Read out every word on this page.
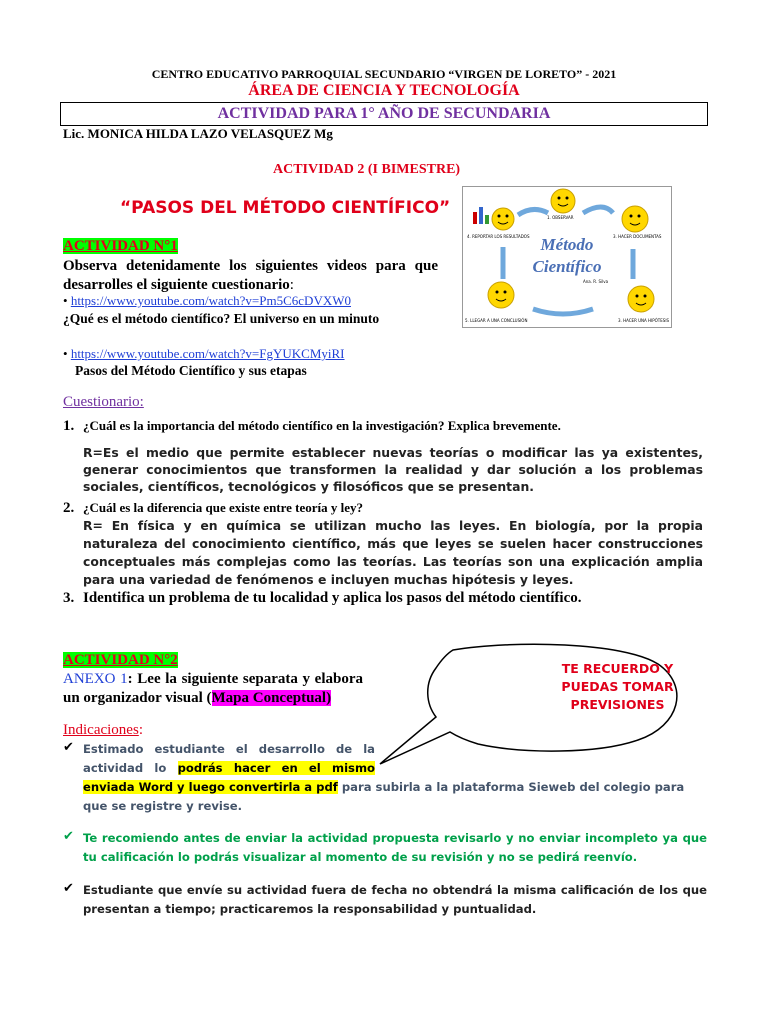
CENTRO EDUCATIVO PARROQUIAL SECUNDARIO “VIRGEN DE LORETO” - 2021
ÁREA DE CIENCIA Y TECNOLOGÍA
ACTIVIDAD PARA 1° AÑO DE SECUNDARIA
Lic. MONICA HILDA LAZO VELASQUEZ Mg
ACTIVIDAD 2 (I BIMESTRE)
“PASOS DEL MÉTODO CIENTÍFICO”
ACTIVIDAD N°1
Observa detenidamente los siguientes videos para que desarrolles el siguiente cuestionario:
• https://www.youtube.com/watch?v=Pm5C6cDVXW0
¿Qué es el método científico? El universo en un minuto
• https://www.youtube.com/watch?v=FgYUKCMyiRI
Pasos del Método Científico y sus etapas
Método
Científico
Ana. R. Silva
1. OBSERVAR
4. REPORTAR LOS RESULTADOS	3. HACER DOCUMENTAS
5. LLEGAR A UNA CONCLUSIÓN	3. HACER UNA HIPÓTESIS
Cuestionario:
1. ¿Cuál es la importancia del método científico en la investigación? Explica brevemente.
R=Es el medio que permite establecer nuevas teorías o modificar las ya existentes, generar conocimientos que transformen la realidad y dar solución a los problemas sociales, científicos, tecnológicos y filosóficos que se presentan.
2. ¿Cuál es la diferencia que existe entre teoría y ley?
R= En física y en química se utilizan mucho las leyes. En biología, por la propia naturaleza del conocimiento científico, más que leyes se suelen hacer construcciones conceptuales más complejas como las teorías. Las teorías son una explicación amplia para una variedad de fenómenos e incluyen muchas hipótesis y leyes.
3. Identifica un problema de tu localidad y aplica los pasos del método científico.
ACTIVIDAD N°2
ANEXO 1: Lee la siguiente separata y elabora un organizador visual (Mapa Conceptual)
TE RECUERDO Y PUEDAS TOMAR PREVISIONES
Indicaciones:
✔ Estimado estudiante el desarrollo de la actividad lo podrás hacer en el mismo
enviada Word y luego convertirla a pdf para subirla a la plataforma Sieweb del colegio para que se registre y revise.
✔ Te recomiendo antes de enviar la actividad propuesta revisarlo y no enviar incompleto ya que tu calificación lo podrás visualizar al momento de su revisión y no se pedirá reenvío.
✔ Estudiante que envíe su actividad fuera de fecha no obtendrá la misma calificación de los que presentan a tiempo; practicaremos la responsabilidad y puntualidad.
